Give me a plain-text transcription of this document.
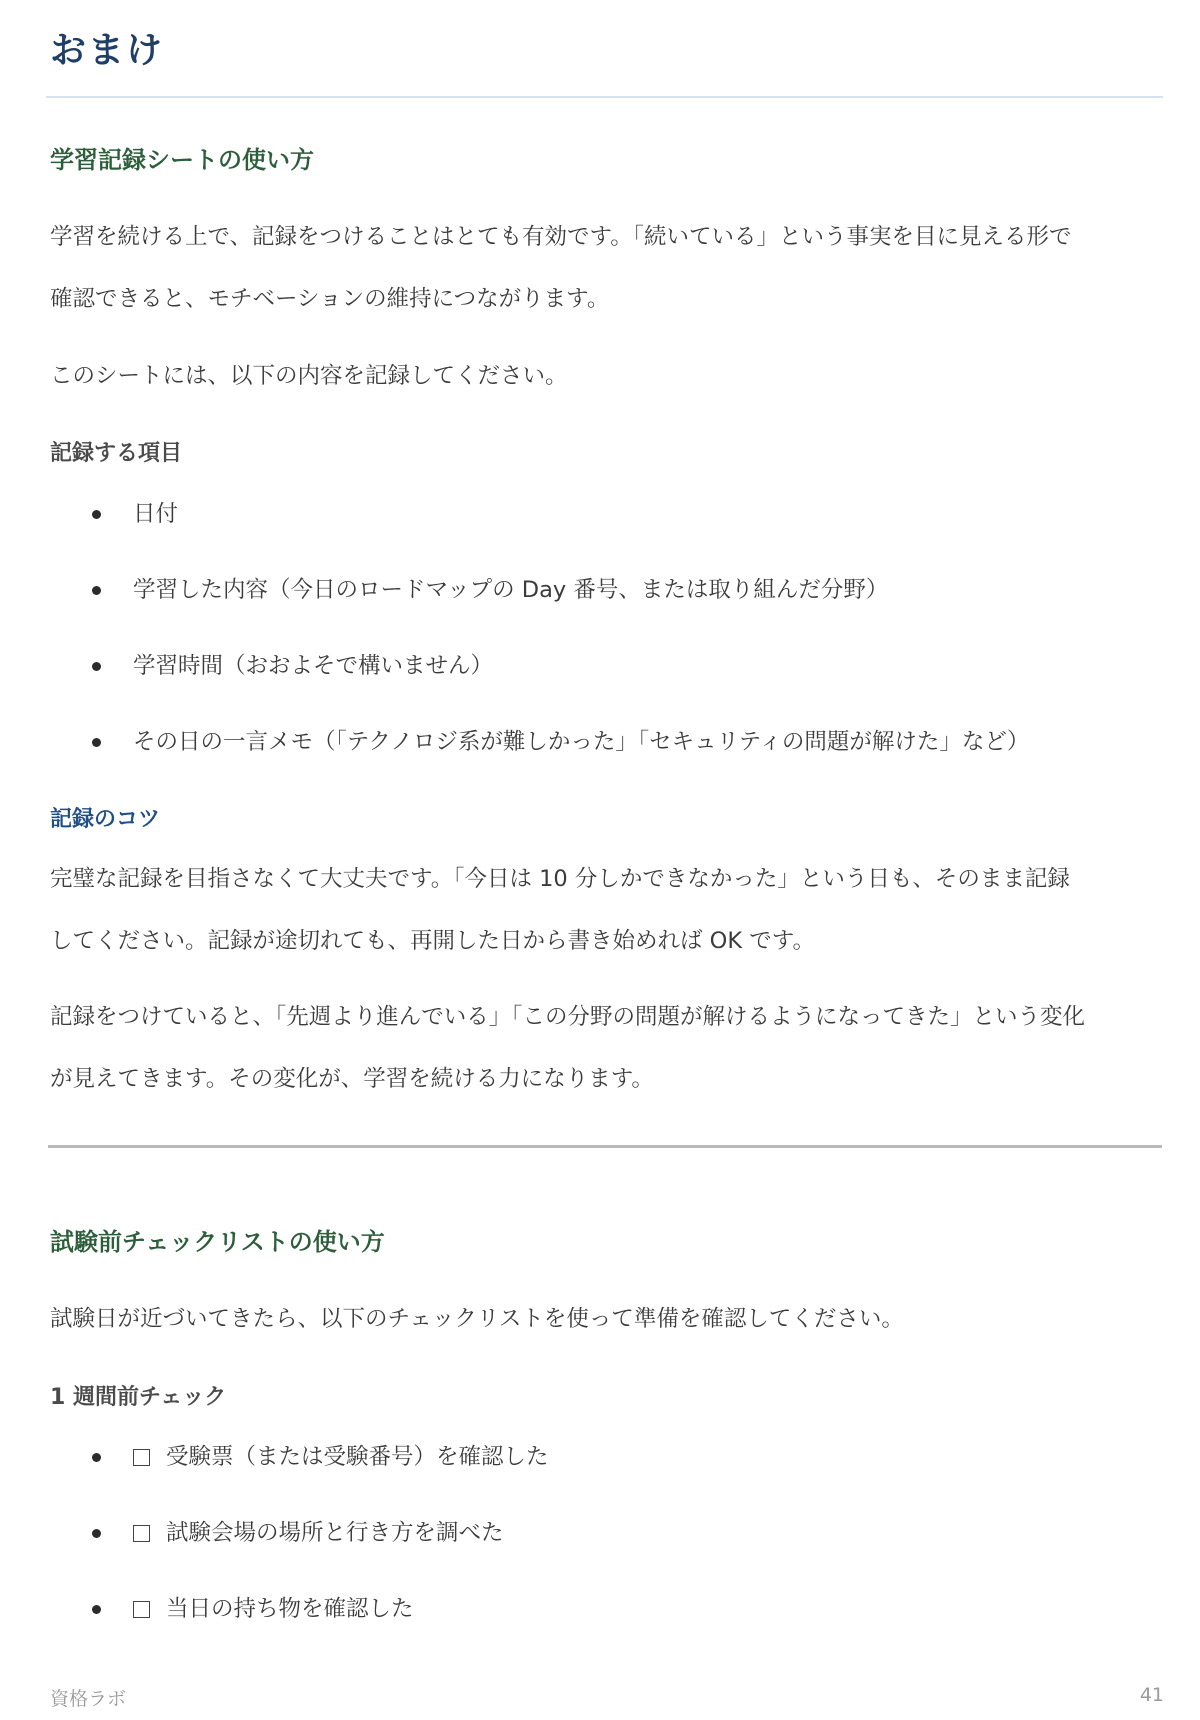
おまけ
学習記録シートの使い方
学習を続ける上で、記録をつけることはとても有効です。「続いている」という事実を目に見える形で
確認できると、モチベーションの維持につながります。
このシートには、以下の内容を記録してください。
記録する項目
日付
学習した内容（今日のロードマップの Day 番号、または取り組んだ分野）
学習時間（おおよそで構いません）
その日の一言メモ（「テクノロジ系が難しかった」「セキュリティの問題が解けた」など）
記録のコツ
完璧な記録を目指さなくて大丈夫です。「今日は 10 分しかできなかった」という日も、そのまま記録
してください。記録が途切れても、再開した日から書き始めれば OK です。
記録をつけていると、「先週より進んでいる」「この分野の問題が解けるようになってきた」という変化
が見えてきます。その変化が、学習を続ける力になります。
試験前チェックリストの使い方
試験日が近づいてきたら、以下のチェックリストを使って準備を確認してください。
1 週間前チェック
受験票（または受験番号）を確認した
試験会場の場所と行き方を調べた
当日の持ち物を確認した
資格ラボ	41
